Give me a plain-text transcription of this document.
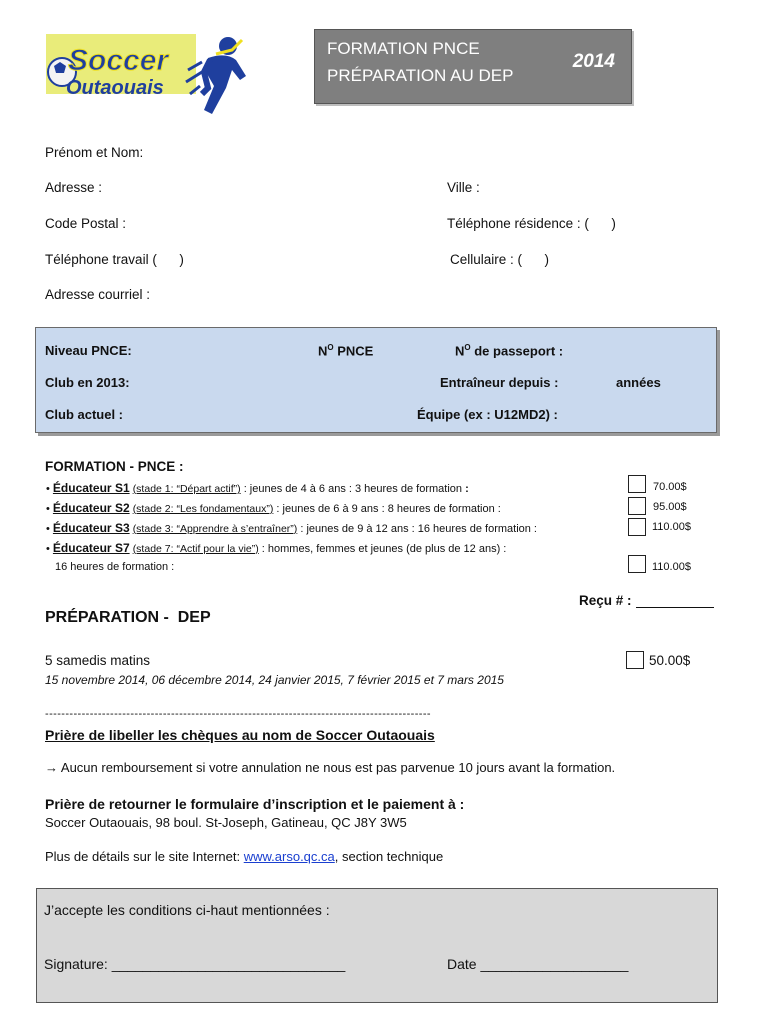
Soccer
Outaouais
FORMATION PNCE
PRÉPARATION AU DEP
2014
Prénom et Nom:
Adresse :	Ville :
Code Postal :	Téléphone résidence : (      )
Téléphone travail (      )	Cellulaire : (      )
Adresse courriel :
Niveau PNCE:	$N^O$ PNCE	$N^O$ de passeport :
Club en 2013:	Entraîneur depuis :	années
Club actuel :	Équipe (ex : U12MD2) :
FORMATION - PNCE :
• Éducateur S1 (stade 1: “Départ actif”) : jeunes de 4 à 6 ans : 3 heures de formation :	70.00$
• Éducateur S2 (stade 2: “Les fondamentaux”) : jeunes de 6 à 9 ans : 8 heures de formation :	95.00$
• Éducateur S3 (stade 3: “Apprendre à s’entraîner”) : jeunes de 9 à 12 ans : 16 heures de formation :	110.00$
• Éducateur S7 (stade 7: “Actif pour la vie”) : hommes, femmes et jeunes (de plus de 12 ans) :
16 heures de formation :	110.00$
Reçu # :
PRÉPARATION -  DEP
5 samedis matins	50.00$
15 novembre 2014, 06 décembre 2014, 24 janvier 2015, 7 février 2015 et 7 mars 2015
-----------------------------------------------------------------------------------------------
Prière de libeller les chèques au nom de Soccer Outaouais
→ Aucun remboursement si votre annulation ne nous est pas parvenue 10 jours avant la formation.
Prière de retourner le formulaire d’inscription et le paiement à :
Soccer Outaouais, 98 boul. St-Joseph, Gatineau, QC J8Y 3W5
Plus de détails sur le site Internet: www.arso.qc.ca, section technique
J’accepte les conditions ci-haut mentionnées :
Signature: ______________________________	Date ___________________
